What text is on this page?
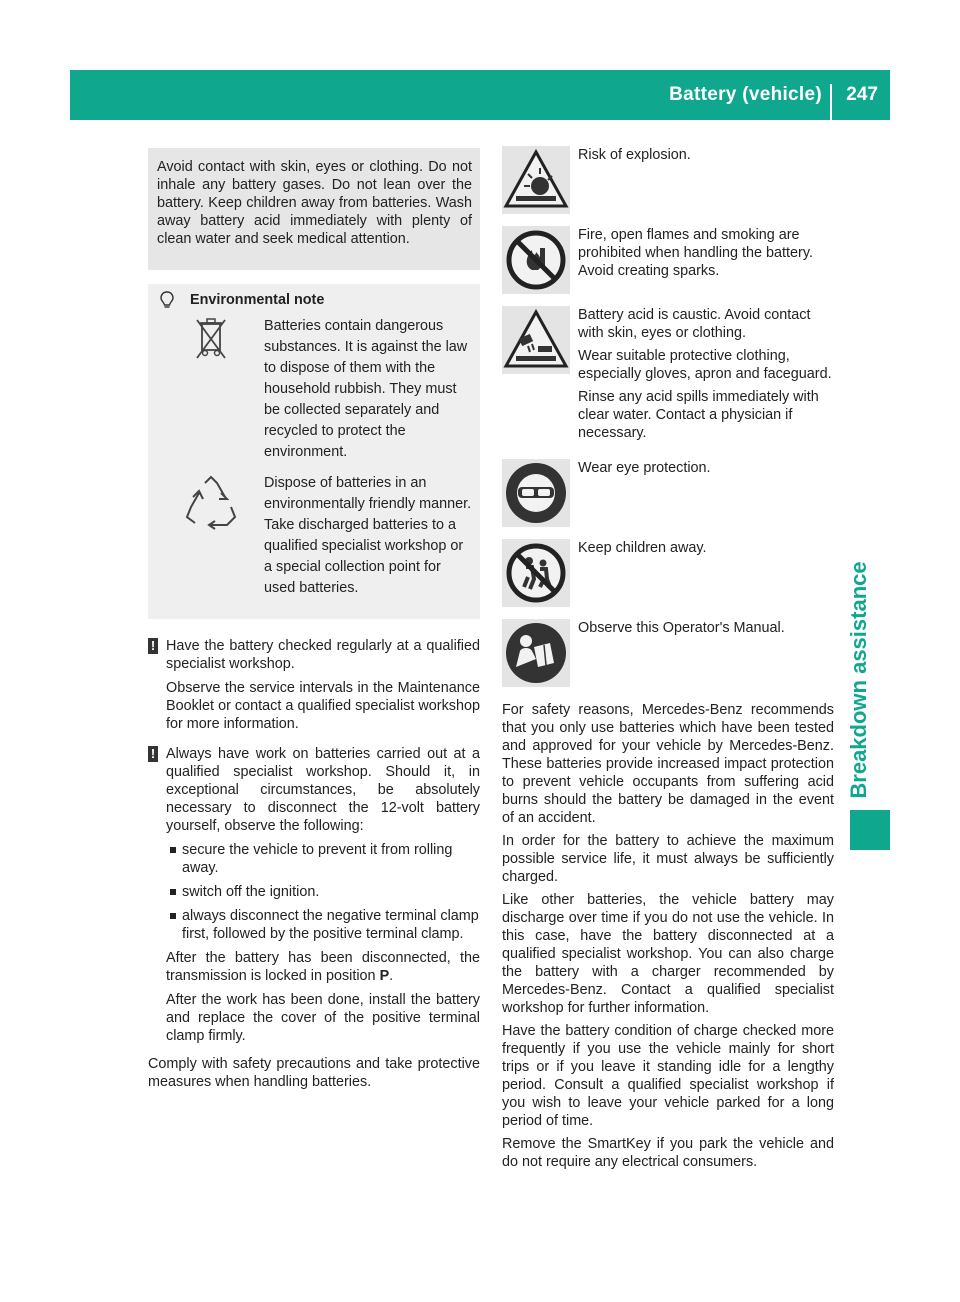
Battery (vehicle) 247
Breakdown assistance
Avoid contact with skin, eyes or clothing. Do not inhale any battery gases. Do not lean over the battery. Keep children away from batteries. Wash away battery acid immediately with plenty of clean water and seek medical attention.
Environmental note
Batteries contain dangerous substances. It is against the law to dispose of them with the household rubbish. They must be collected separately and recycled to protect the environment.
Dispose of batteries in an environmentally friendly manner. Take discharged batteries to a qualified specialist workshop or a special collection point for used batteries.
! Have the battery checked regularly at a qualified specialist workshop.

Observe the service intervals in the Maintenance Booklet or contact a qualified specialist workshop for more information.

! Always have work on batteries carried out at a qualified specialist workshop. Should it, in exceptional circumstances, be absolutely necessary to disconnect the 12-volt battery yourself, observe the following:

secure the vehicle to prevent it from rolling away.
switch off the ignition.
always disconnect the negative terminal clamp first, followed by the positive terminal clamp.

After the battery has been disconnected, the transmission is locked in position P.

After the work has been done, install the battery and replace the cover of the positive terminal clamp firmly.

Comply with safety precautions and take protective measures when handling batteries.

Risk of explosion.

Fire, open flames and smoking are prohibited when handling the battery. Avoid creating sparks.

Battery acid is caustic. Avoid contact with skin, eyes or clothing.

Wear suitable protective clothing, especially gloves, apron and faceguard.

Rinse any acid spills immediately with clear water. Contact a physician if necessary.

Wear eye protection.

Keep children away.

Observe this Operator's Manual.

For safety reasons, Mercedes-Benz recommends that you only use batteries which have been tested and approved for your vehicle by Mercedes-Benz. These batteries provide increased impact protection to prevent vehicle occupants from suffering acid burns should the battery be damaged in the event of an accident.

In order for the battery to achieve the maximum possible service life, it must always be sufficiently charged.

Like other batteries, the vehicle battery may discharge over time if you do not use the vehicle. In this case, have the battery disconnected at a qualified specialist workshop. You can also charge the battery with a charger recommended by Mercedes-Benz. Contact a qualified specialist workshop for further information.

Have the battery condition of charge checked more frequently if you use the vehicle mainly for short trips or if you leave it standing idle for a lengthy period. Consult a qualified specialist workshop if you wish to leave your vehicle parked for a long period of time.

Remove the SmartKey if you park the vehicle and do not require any electrical consumers.
